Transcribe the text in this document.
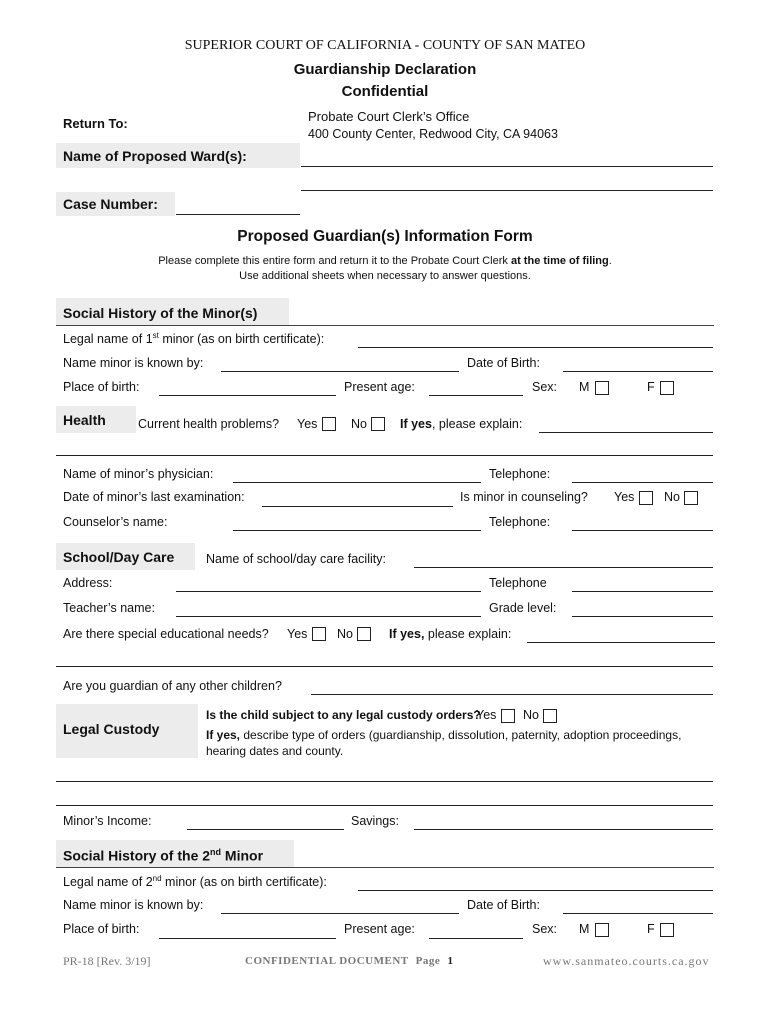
SUPERIOR COURT OF CALIFORNIA - COUNTY OF SAN MATEO
Guardianship Declaration
Confidential
Return To:	Probate Court Clerk’s Office
400 County Center, Redwood City, CA 94063
Name of Proposed Ward(s):
Case Number:
Proposed Guardian(s) Information Form
Please complete this entire form and return it to the Probate Court Clerk at the time of filing.
Use additional sheets when necessary to answer questions.
Social History of the Minor(s)
Legal name of 1st minor (as on birth certificate):
Name minor is known by:	Date of Birth:
Place of birth:	Present age:	Sex: M	F
Health	Current health problems? Yes	No	If yes, please explain:
Name of minor’s physician:	Telephone:
Date of minor’s last examination:	Is minor in counseling? Yes No
Counselor’s name:	Telephone:
School/Day Care	Name of school/day care facility:
Address:	Telephone
Teacher’s name:	Grade level:
Are there special educational needs? Yes No	If yes, please explain:
Are you guardian of any other children?
Legal Custody
Is the child subject to any legal custody orders?
Yes No
If yes, describe type of orders (guardianship, dissolution, paternity, adoption proceedings,
hearing dates and county.
Minor’s Income:	Savings:
Social History of the 2nd Minor
Legal name of 2nd minor (as on birth certificate):
Name minor is known by:	Date of Birth:
Place of birth:	Present age:	Sex: M	F
PR-18 [Rev. 3/19]	CONFIDENTIAL DOCUMENT Page 1	www.sanmateo.courts.ca.gov
